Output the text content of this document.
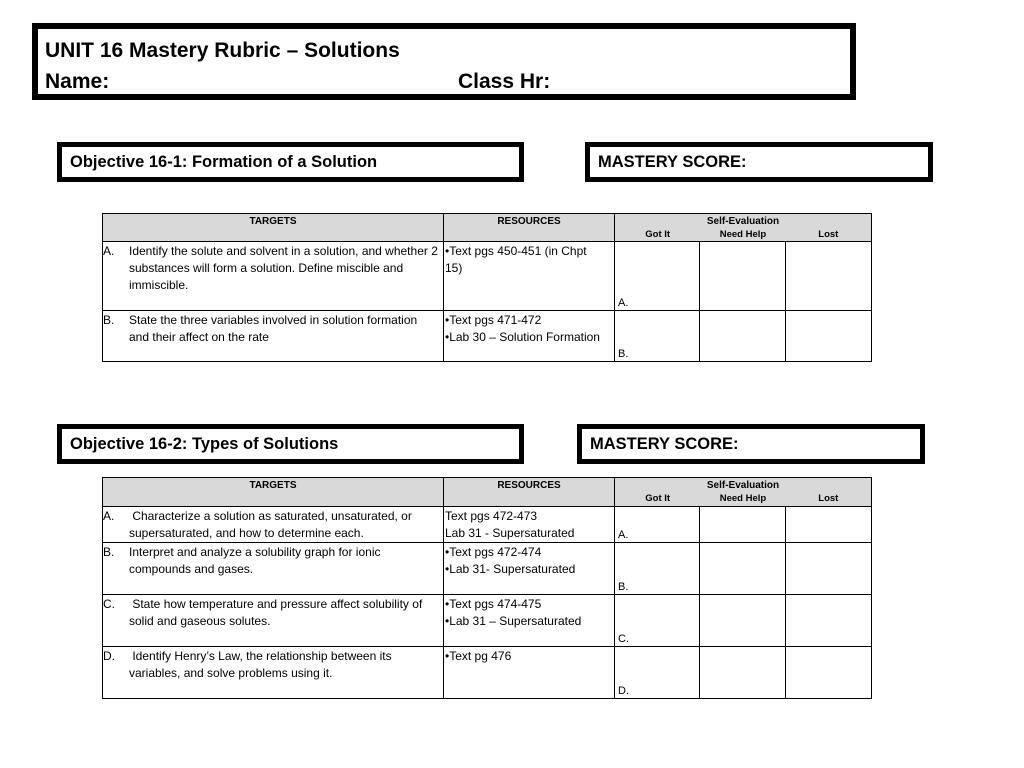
UNIT 16 Mastery Rubric – Solutions
Name:	Class Hr:
Objective 16-1: Formation of a Solution	MASTERY SCORE:
TARGETS	RESOURCES	Self-Evaluation
Got It Need Help Lost		

A. Identify the solute and solvent in a solution, and whether 2 substances will form a solution. Define miscible and immiscible.	•Text pgs 450-451 (in Chpt
15)	A.		

B. State the three variables involved in solution formation and their affect on the rate	•Text pgs 471-472
•Lab 30 – Solution Formation	B.		

Objective 16-2: Types of Solutions	MASTERY SCORE:
TARGETS	RESOURCES	Self-Evaluation
Got It Need Help Lost		

A. Characterize a solution as saturated, unsaturated, or supersaturated, and how to determine each.	Text pgs 472-473
Lab 31 - Supersaturated	A.		

B. Interpret and analyze a solubility graph for ionic compounds and gases.	•Text pgs 472-474
•Lab 31- Supersaturated	B.		

C. State how temperature and pressure affect solubility of solid and gaseous solutes.	•Text pgs 474-475
•Lab 31 – Supersaturated	C.		

D. Identify Henry’s Law, the relationship between its variables, and solve problems using it.	•Text pg 476	D.		
